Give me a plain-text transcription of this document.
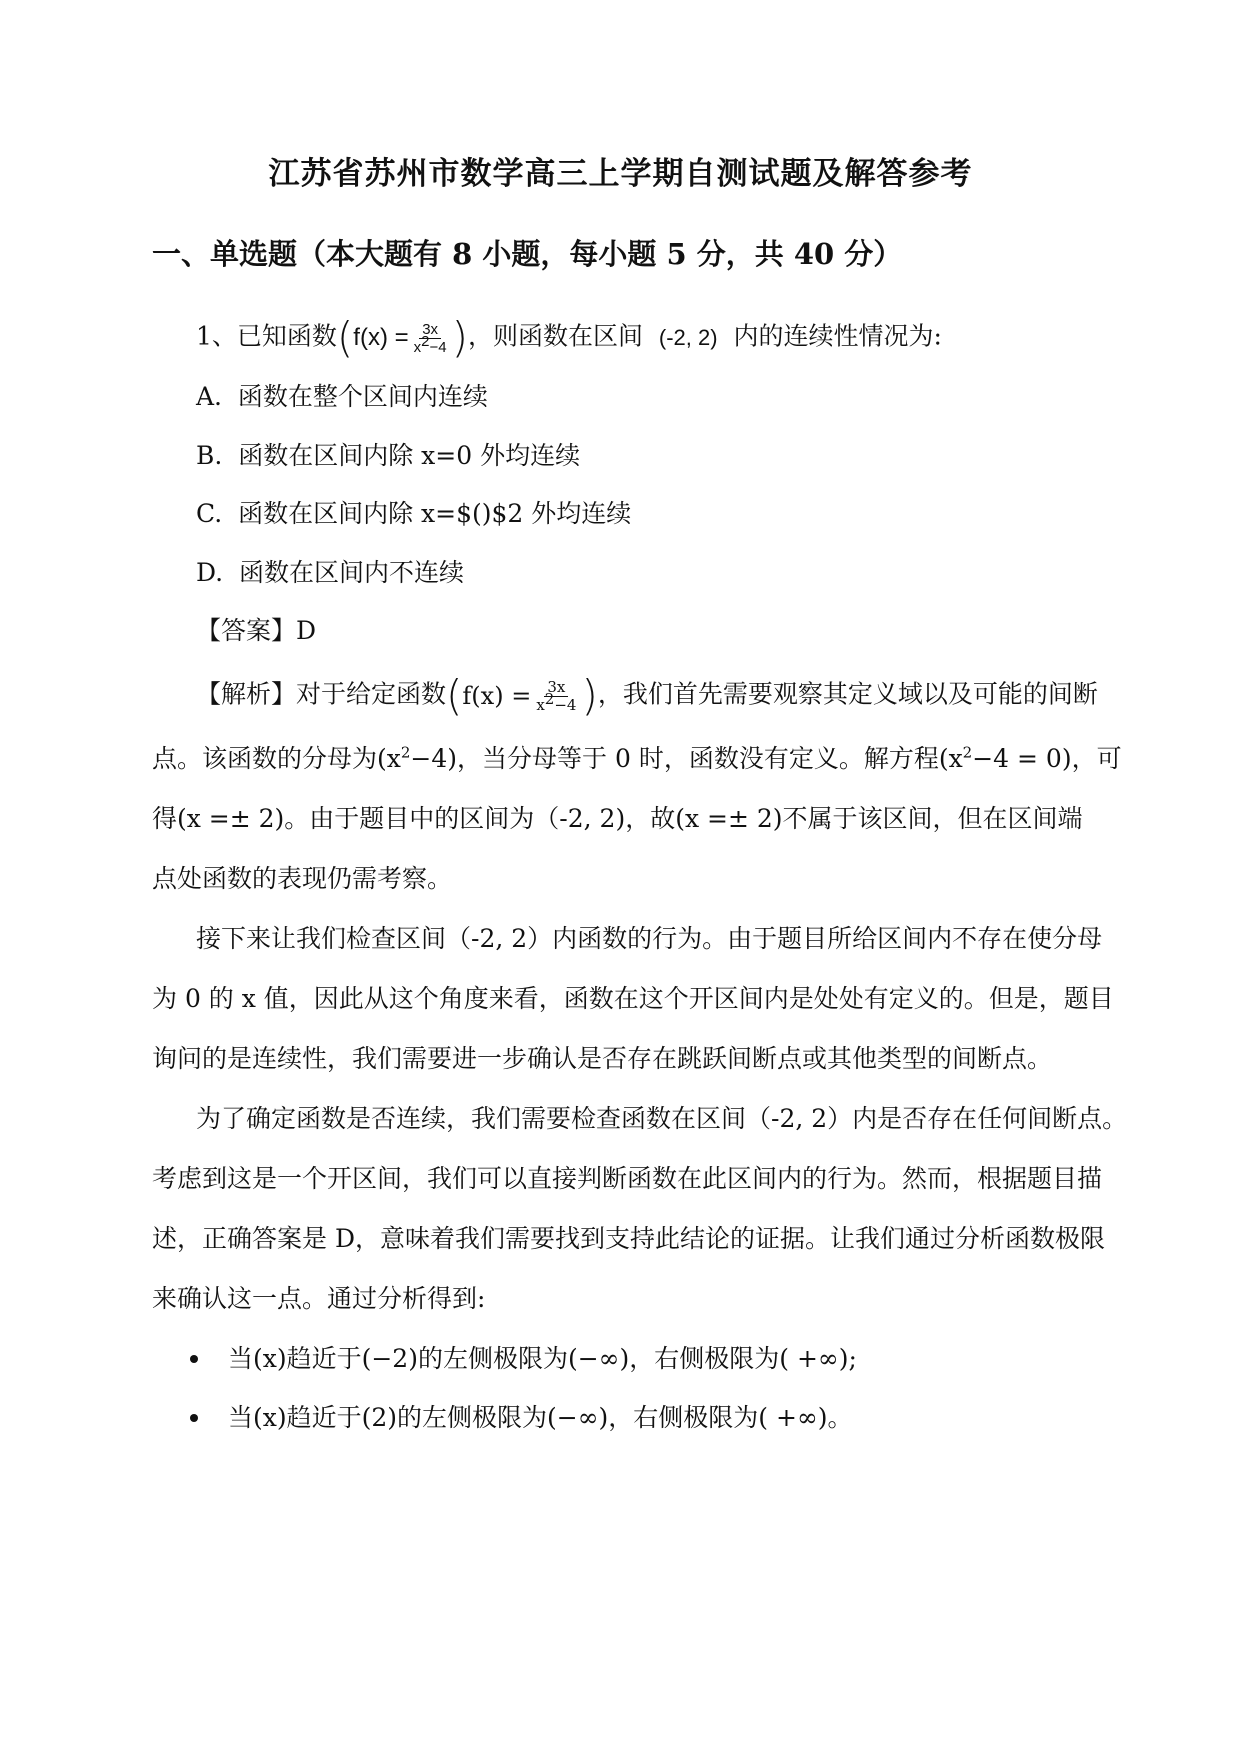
江苏省苏州市数学高三上学期自测试题及解答参考
一、单选题（本大题有 8 小题，每小题 5 分，共 40 分）
1、已知函数($f(x) = \frac{3x}{x^2-4}$ )，则函数在区间 (-2, 2) 内的连续性情况为:
A. 函数在整个区间内连续
B. 函数在区间内除 x=0 外均连续
C. 函数在区间内除 x=$()$2 外均连续
D. 函数在区间内不连续
【答案】D
【解析】对于给定函数($f(x) = \frac{3x}{x^2-4}$ )，我们首先需要观察其定义域以及可能的间断
点。该函数的分母为$(x^2-4)$，当分母等于 0 时，函数没有定义。解方程$(x^2-4 = 0)$，可
得(x =± 2)。由于题目中的区间为（-2, 2)，故(x =± 2)不属于该区间，但在区间端
点处函数的表现仍需考察。
接下来让我们检查区间（-2, 2）内函数的行为。由于题目所给区间内不存在使分母
为 0 的 x 值，因此从这个角度来看，函数在这个开区间内是处处有定义的。但是，题目
询问的是连续性，我们需要进一步确认是否存在跳跃间断点或其他类型的间断点。
为了确定函数是否连续，我们需要检查函数在区间（-2, 2）内是否存在任何间断点。
考虑到这是一个开区间，我们可以直接判断函数在此区间内的行为。然而，根据题目描
述，正确答案是 D，意味着我们需要找到支持此结论的证据。让我们通过分析函数极限
来确认这一点。通过分析得到:
当(x)趋近于(−2)的左侧极限为(−∞)，右侧极限为( +∞);
当(x)趋近于(2)的左侧极限为(−∞)，右侧极限为( +∞)。
